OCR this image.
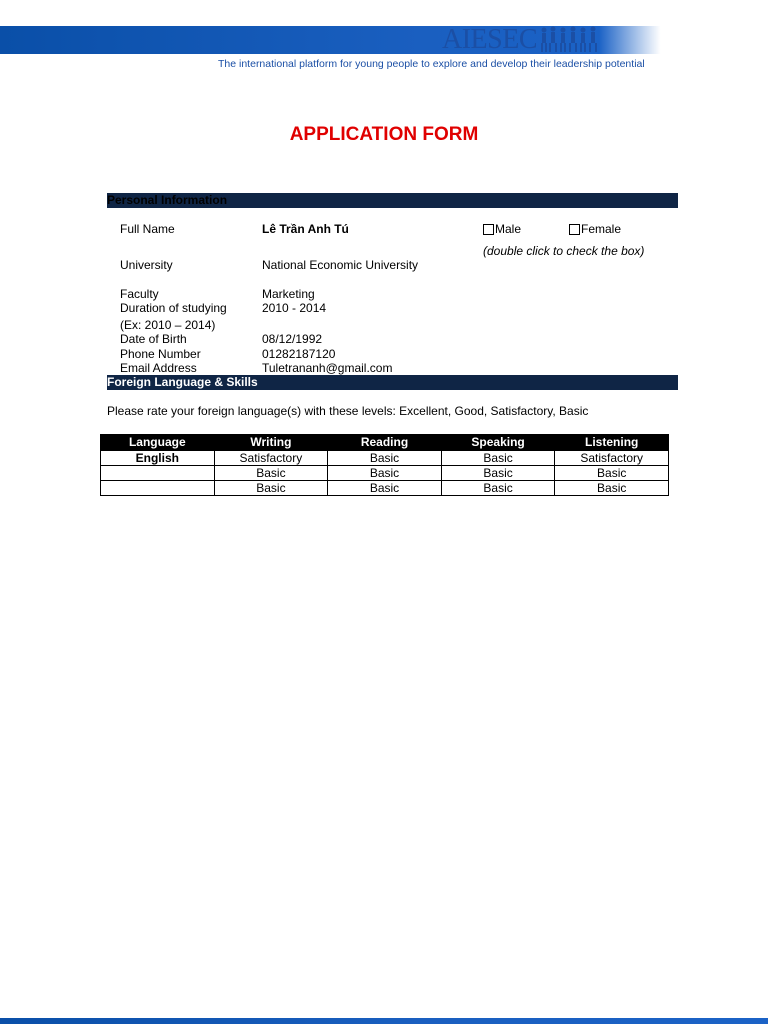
AIESEC
The international platform for young people to explore and develop their leadership potential
APPLICATION FORM
Personal Information
Full Name	Lê Trần Anh Tú	Male	Female
(double click to check the box)
University	National Economic University
Faculty	Marketing
Duration of studying	2010 - 2014
(Ex: 2010 – 2014)
Date of Birth	08/12/1992
Phone Number	01282187120
Email Address	Tuletrananh@gmail.com
Foreign Language & Skills
Please rate your foreign language(s) with these levels: Excellent, Good, Satisfactory, Basic
Language	Writing	Reading	Speaking	Listening
English	Satisfactory	Basic	Basic	Satisfactory
	Basic	Basic	Basic	Basic
	Basic	Basic	Basic	Basic
